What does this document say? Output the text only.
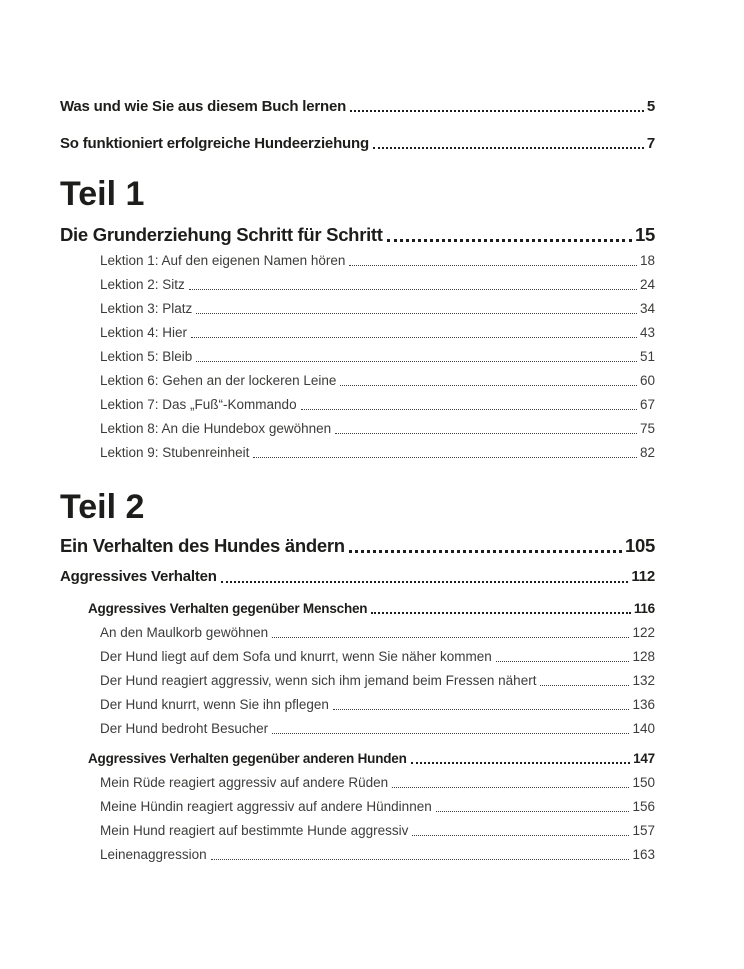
Was und wie Sie aus diesem Buch lernen	5
So funktioniert erfolgreiche Hundeerziehung	7
Teil 1
Die Grunderziehung Schritt für Schritt	15
Lektion 1: Auf den eigenen Namen hören	18
Lektion 2: Sitz	24
Lektion 3: Platz	34
Lektion 4: Hier	43
Lektion 5: Bleib	51
Lektion 6: Gehen an der lockeren Leine	60
Lektion 7: Das „Fuß“-Kommando	67
Lektion 8: An die Hundebox gewöhnen	75
Lektion 9: Stubenreinheit	82
Teil 2
Ein Verhalten des Hundes ändern	105
Aggressives Verhalten	112
Aggressives Verhalten gegenüber Menschen	116
An den Maulkorb gewöhnen	122
Der Hund liegt auf dem Sofa und knurrt, wenn Sie näher kommen	128
Der Hund reagiert aggressiv, wenn sich ihm jemand beim Fressen nähert	132
Der Hund knurrt, wenn Sie ihn pflegen	136
Der Hund bedroht Besucher	140
Aggressives Verhalten gegenüber anderen Hunden	147
Mein Rüde reagiert aggressiv auf andere Rüden	150
Meine Hündin reagiert aggressiv auf andere Hündinnen	156
Mein Hund reagiert auf bestimmte Hunde aggressiv	157
Leinenaggression	163
